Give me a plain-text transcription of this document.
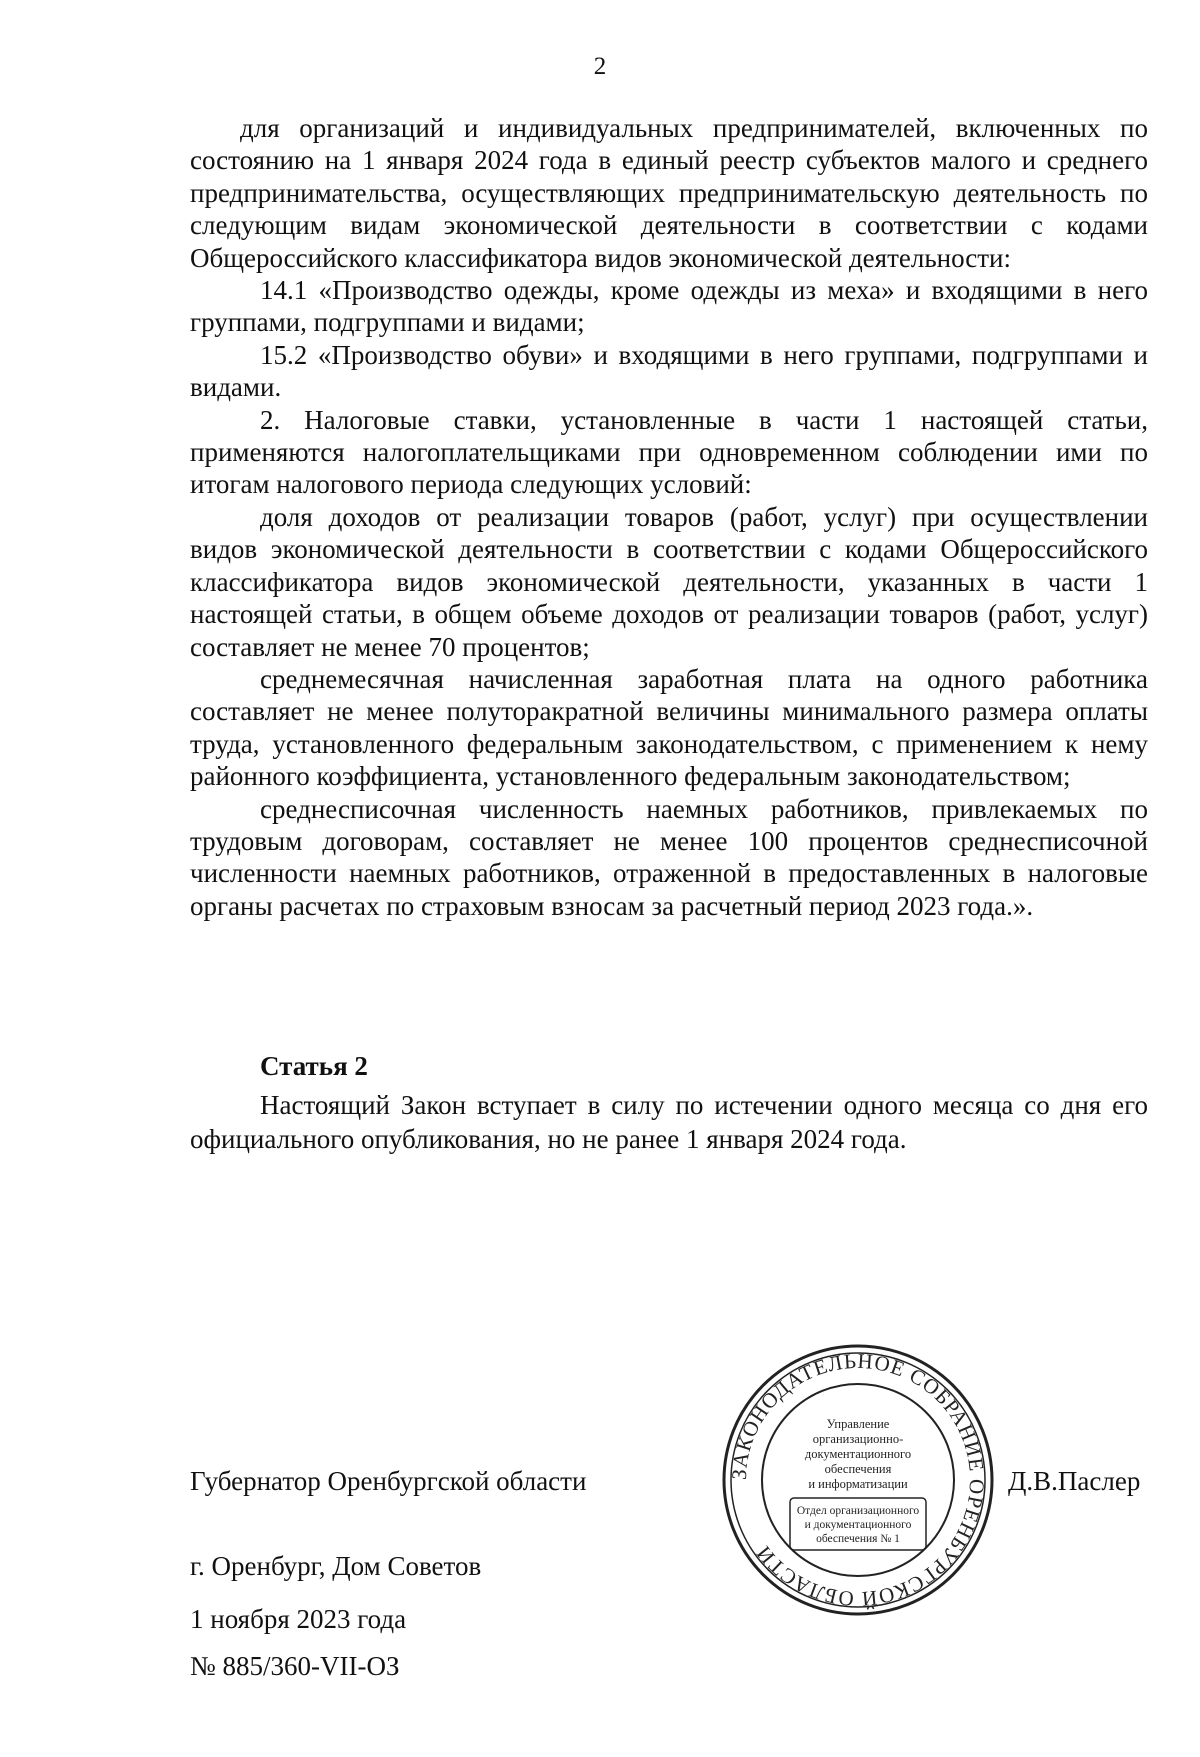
2

для организаций и индивидуальных предпринимателей, включенных по состоянию на 1 января 2024 года в единый реестр субъектов малого и среднего предпринимательства, осуществляющих предпринимательскую деятельность по следующим видам экономической деятельности в соответствии с кодами Общероссийского классификатора видов экономической деятельности:

14.1 «Производство одежды, кроме одежды из меха» и входящими в него группами, подгруппами и видами;

15.2 «Производство обуви» и входящими в него группами, подгруппами и видами.

2. Налоговые ставки, установленные в части 1 настоящей статьи, применяются налогоплательщиками при одновременном соблюдении ими по итогам налогового периода следующих условий:

доля доходов от реализации товаров (работ, услуг) при осуществлении видов экономической деятельности в соответствии с кодами Общероссийского классификатора видов экономической деятельности, указанных в части 1 настоящей статьи, в общем объеме доходов от реализации товаров (работ, услуг) составляет не менее 70 процентов;

среднемесячная начисленная заработная плата на одного работника составляет не менее полуторакратной величины минимального размера оплаты труда, установленного федеральным законодательством, с применением к нему районного коэффициента, установленного федеральным законодательством;

среднесписочная численность наемных работников, привлекаемых по трудовым договорам, составляет не менее 100 процентов среднесписочной численности наемных работников, отраженной в предоставленных в налоговые органы расчетах по страховым взносам за расчетный период 2023 года.».

Статья 2

Настоящий Закон вступает в силу по истечении одного месяца со дня его официального опубликования, но не ранее 1 января 2024 года.

Губернатор Оренбургской области	ЗАКОНОДАТЕЛЬНОЕ СОБРАНИЕ ОРЕНБУРГСКОЙ ОБЛАСТИ
Управление
организационно-
документационного
обеспечения
и информатизации
Отдел организационного
и документационного
обеспечения № 1
Д.В.Паслер
г. Оренбург, Дом Советов
1 ноября 2023 года
№ 885/360-VII-ОЗ
